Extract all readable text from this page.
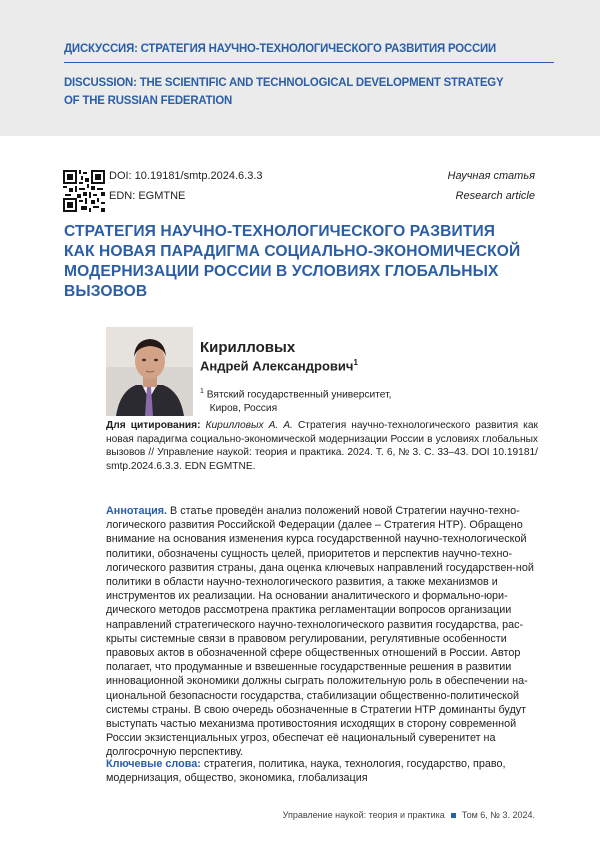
ДИСКУССИЯ: СТРАТЕГИЯ НАУЧНО-ТЕХНОЛОГИЧЕСКОГО РАЗВИТИЯ РОССИИ
DISCUSSION: THE SCIENTIFIC AND TECHNOLOGICAL DEVELOPMENT STRATEGY
OF THE RUSSIAN FEDERATION
DOI: 10.19181/smtp.2024.6.3.3
EDN: EGMTNE
Научная статья
Research article
СТРАТЕГИЯ НАУЧНО-ТЕХНОЛОГИЧЕСКОГО РАЗВИТИЯ
КАК НОВАЯ ПАРАДИГМА СОЦИАЛЬНО-ЭКОНОМИЧЕСКОЙ
МОДЕРНИЗАЦИИ РОССИИ В УСЛОВИЯХ ГЛОБАЛЬНЫХ
ВЫЗОВОВ
Кирилловых
Андрей Александрович$^1$
$^1$ Вятский государственный университет,
Киров, Россия
Для цитирования: Кирилловых А. А. Стратегия научно-технологического развития как новая парадигма социально-экономической модернизации России в условиях глобальных вызовов // Управление наукой: теория и практика. 2024. Т. 6, № 3. С. 33–43. DOI 10.19181/ smtp.2024.6.3.3. EDN EGMTNE.
Аннотация. В статье проведён анализ положений новой Стратегии научно-техно-логического развития Российской Федерации (далее – Стратегия НТР). Обращено внимание на основания изменения курса государственной научно-технологической политики, обозначены сущность целей, приоритетов и перспектив научно-техно-логического развития страны, дана оценка ключевых направлений государствен-ной политики в области научно-технологического развития, а также механизмов и инструментов их реализации. На основании аналитического и формально-юри-дического методов рассмотрена практика регламентации вопросов организации направлений стратегического научно-технологического развития государства, рас-крыты системные связи в правовом регулировании, регулятивные особенности правовых актов в обозначенной сфере общественных отношений в России. Автор полагает, что продуманные и взвешенные государственные решения в развитии инновационной экономики должны сыграть положительную роль в обеспечении на-циональной безопасности государства, стабилизации общественно-политической системы страны. В свою очередь обозначенные в Стратегии НТР доминанты будут выступать частью механизма противостояния исходящих в сторону современной России экзистенциальных угроз, обеспечат её национальный суверенитет на долгосрочную перспективу.
Ключевые слова: стратегия, политика, наука, технология, государство, право, модернизация, общество, экономика, глобализация
Управление наукой: теория и практика Том 6, № 3. 2024.
